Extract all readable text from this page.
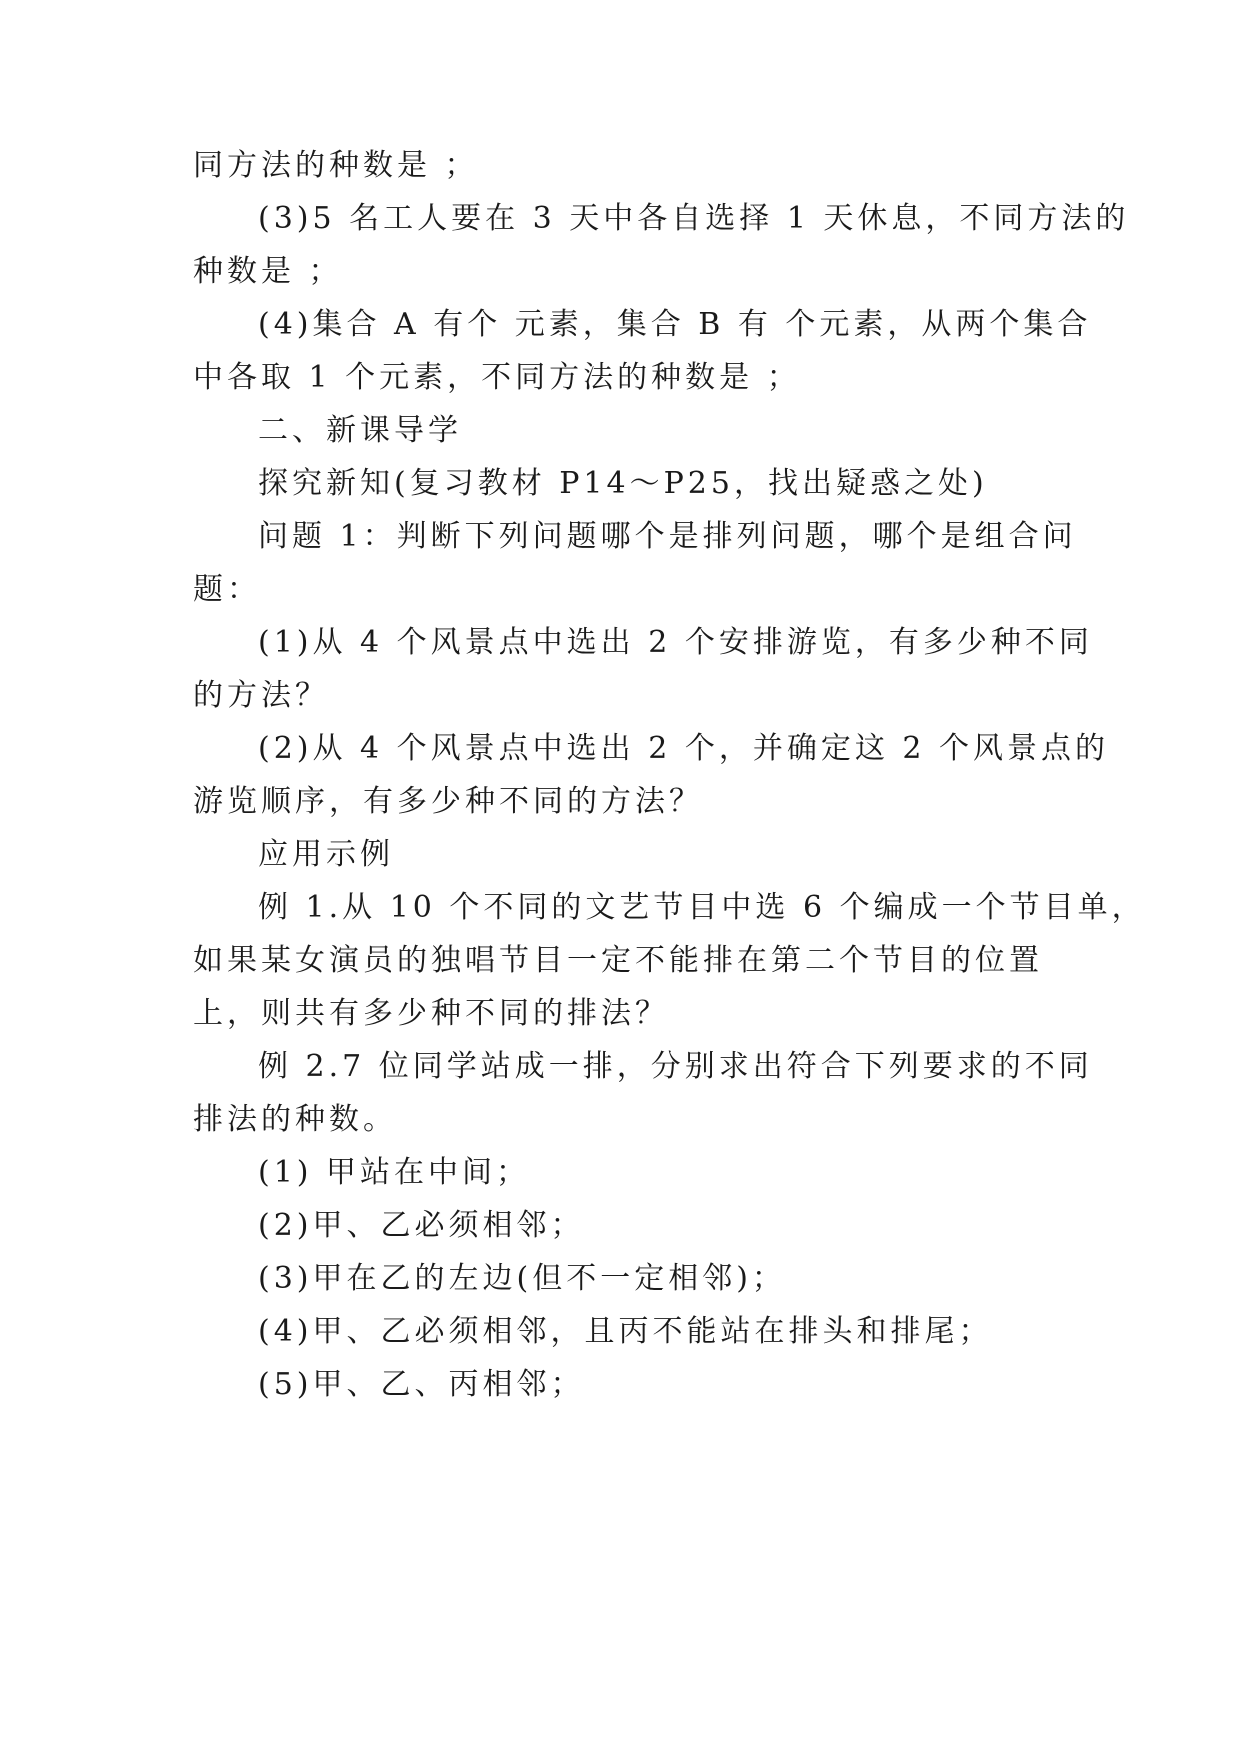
同方法的种数是 ；
(3)5 名工人要在 3 天中各自选择 1 天休息，不同方法的
种数是 ；
(4)集合 A 有个 元素，集合 B 有 个元素，从两个集合
中各取 1 个元素，不同方法的种数是 ；
二、新课导学
探究新知(复习教材 P14～P25，找出疑惑之处)
问题 1：判断下列问题哪个是排列问题，哪个是组合问
题：
(1)从 4 个风景点中选出 2 个安排游览，有多少种不同
的方法？
(2)从 4 个风景点中选出 2 个，并确定这 2 个风景点的
游览顺序，有多少种不同的方法？
应用示例
例 1.从 10 个不同的文艺节目中选 6 个编成一个节目单，
如果某女演员的独唱节目一定不能排在第二个节目的位置
上，则共有多少种不同的排法？
例 2.7 位同学站成一排，分别求出符合下列要求的不同
排法的种数。
(1) 甲站在中间；
(2)甲、乙必须相邻；
(3)甲在乙的左边(但不一定相邻)；
(4)甲、乙必须相邻，且丙不能站在排头和排尾；
(5)甲、乙、丙相邻；
